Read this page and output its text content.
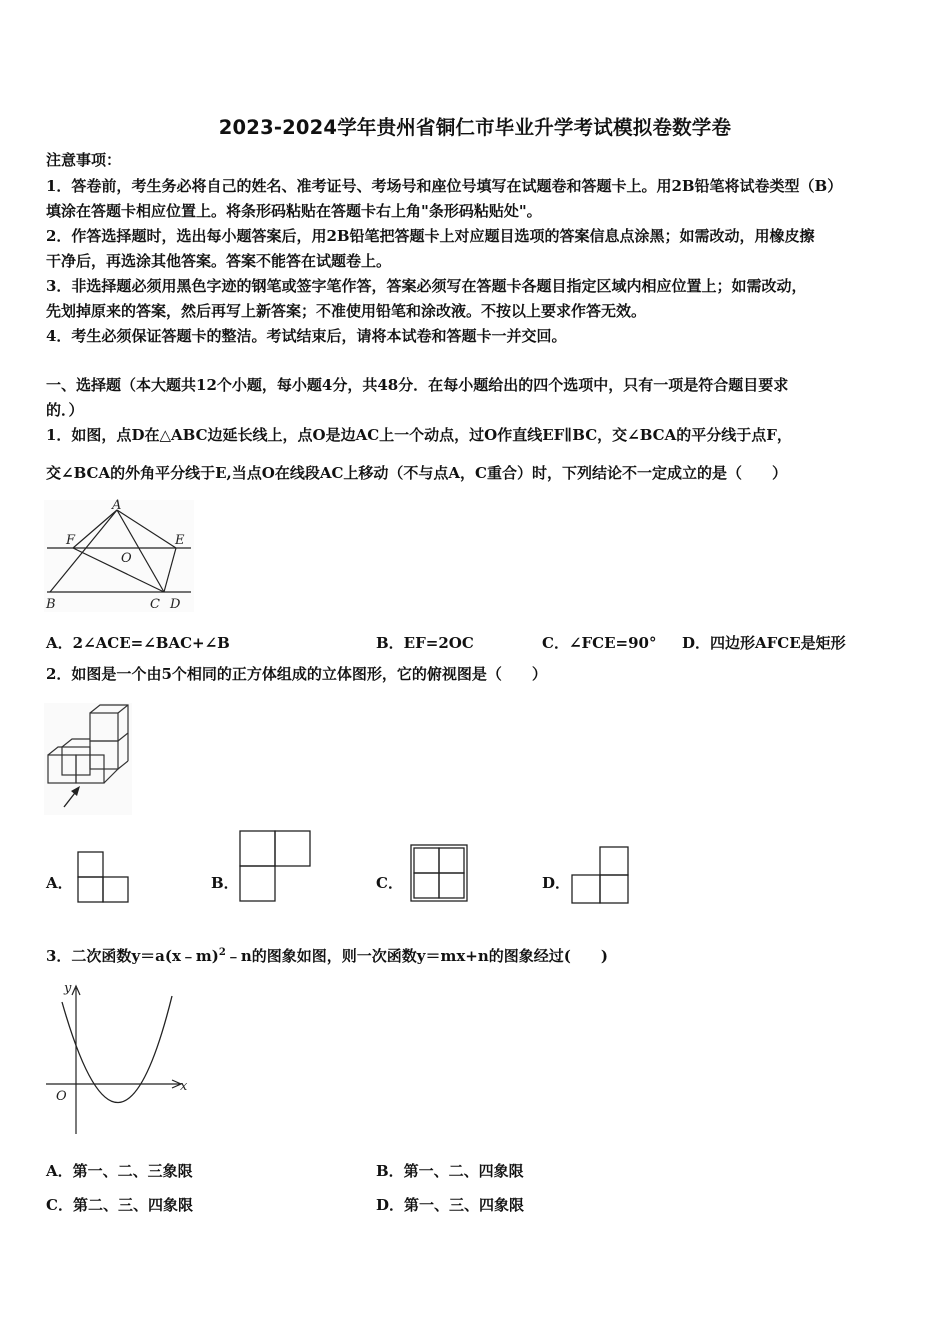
2023-2024学年贵州省铜仁市毕业升学考试模拟卷数学卷
注意事项：
1．答卷前，考生务必将自己的姓名、准考证号、考场号和座位号填写在试题卷和答题卡上。用2B铅笔将试卷类型（B）
填涂在答题卡相应位置上。将条形码粘贴在答题卡右上角"条形码粘贴处"。
2．作答选择题时，选出每小题答案后，用2B铅笔把答题卡上对应题目选项的答案信息点涂黑；如需改动，用橡皮擦
干净后，再选涂其他答案。答案不能答在试题卷上。
3．非选择题必须用黑色字迹的钢笔或签字笔作答，答案必须写在答题卡各题目指定区域内相应位置上；如需改动，
先划掉原来的答案，然后再写上新答案；不准使用铅笔和涂改液。不按以上要求作答无效。
4．考生必须保证答题卡的整洁。考试结束后，请将本试卷和答题卡一并交回。
一、选择题（本大题共12个小题，每小题4分，共48分．在每小题给出的四个选项中，只有一项是符合题目要求
的．）
1．如图，点D在△ABC边延长线上，点O是边AC上一个动点，过O作直线EF∥BC，交∠BCA的平分线于点F，
交∠BCA的外角平分线于E,当点O在线段AC上移动（不与点A，C重合）时，下列结论不一定成立的是（　　）
A
F	E
O
B	C D
A．2∠ACE=∠BAC+∠B	B．EF=2OC	C．∠FCE=90° D．四边形AFCE是矩形
2．如图是一个由5个相同的正方体组成的立体图形，它的俯视图是（　　）
A．	B．	C．	D．
3．二次函数y＝a(x﹣m)$^2$﹣n的图象如图，则一次函数y＝mx+n的图象经过(　　)
y
x
O
A．第一、二、三象限	B．第一、二、四象限
C．第二、三、四象限	D．第一、三、四象限
